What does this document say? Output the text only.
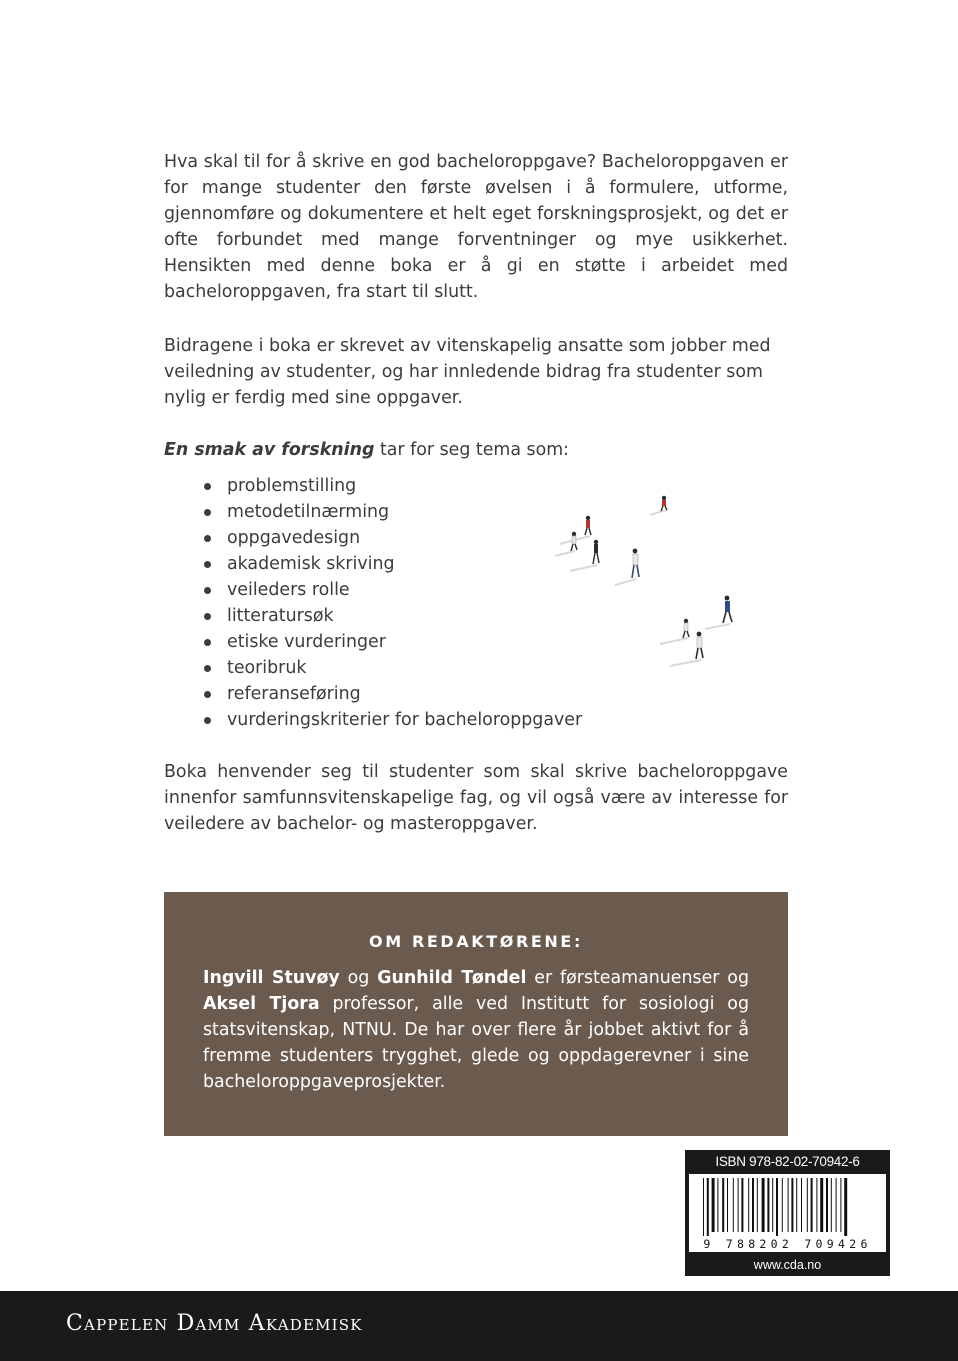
Hva skal til for å skrive en god bacheloroppgave? Bacheloroppgaven er for mange studenter den første øvelsen i å formulere, utforme, gjennomføre og dokumentere et helt eget forskningsprosjekt, og det er ofte forbundet med mange forventninger og mye usikkerhet. Hensikten med denne boka er å gi en støtte i arbeidet med bacheloroppgaven, fra start til slutt.

Bidragene i boka er skrevet av vitenskapelig ansatte som jobber med veiledning av studenter, og har innledende bidrag fra studenter som nylig er ferdig med sine oppgaver.

En smak av forskning tar for seg tema som:

problemstilling
metodetilnærming
oppgavedesign
akademisk skriving
veileders rolle
litteratursøk
etiske vurderinger
teoribruk
referanseføring
vurderingskriterier for bacheloroppgaver

Boka henvender seg til studenter som skal skrive bacheloroppgave innenfor samfunnsvitenskapelige fag, og vil også være av interesse for veiledere av bachelor- og masteroppgaver.

OM REDAKTØRENE:

Ingvill Stuvøy og Gunhild Tøndel er førsteamanuenser og Aksel Tjora professor, alle ved Institutt for sosiologi og statsvitenskap, NTNU. De har over flere år jobbet aktivt for å fremme studenters trygghet, glede og oppdagerevner i sine bacheloroppgaveprosjekter.

ISBN 978-82-02-70942-6
9 788202 709426
www.cda.no
Cappelen Damm Akademisk
